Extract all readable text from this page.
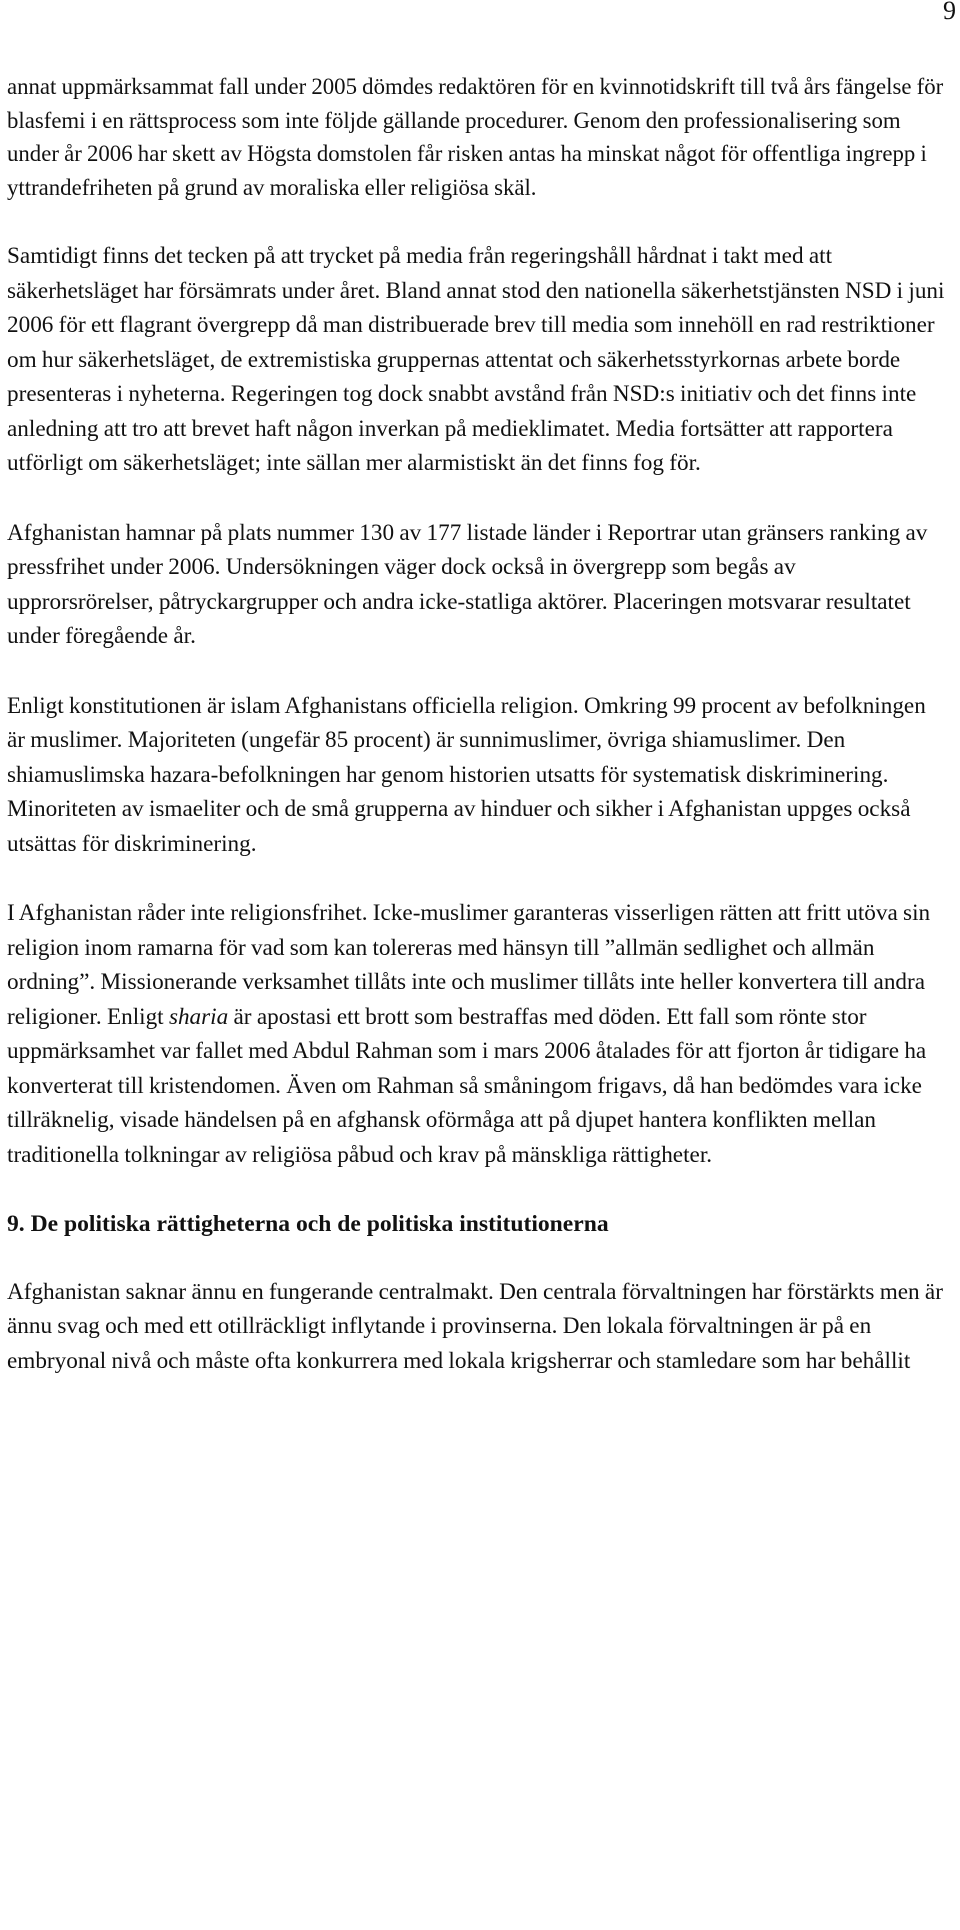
9

annat uppmärksammat fall under 2005 dömdes redaktören för en kvinnotidskrift till två års fängelse för blasfemi i en rättsprocess som inte följde gällande procedurer. Genom den professionalisering som under år 2006 har skett av Högsta domstolen får risken antas ha minskat något för offentliga ingrepp i yttrandefriheten på grund av moraliska eller religiösa skäl.

Samtidigt finns det tecken på att trycket på media från regeringshåll hårdnat i takt med att säkerhetsläget har försämrats under året. Bland annat stod den nationella säkerhetstjänsten NSD i juni 2006 för ett flagrant övergrepp då man distribuerade brev till media som innehöll en rad restriktioner om hur säkerhetsläget, de extremistiska gruppernas attentat och säkerhetsstyrkornas arbete borde presenteras i nyheterna. Regeringen tog dock snabbt avstånd från NSD:s initiativ och det finns inte anledning att tro att brevet haft någon inverkan på medieklimatet. Media fortsätter att rapportera utförligt om säkerhetsläget; inte sällan mer alarmistiskt än det finns fog för.

Afghanistan hamnar på plats nummer 130 av 177 listade länder i Reportrar utan gränsers ranking av pressfrihet under 2006. Undersökningen väger dock också in övergrepp som begås av upprorsrörelser, påtryckargrupper och andra icke-statliga aktörer. Placeringen motsvarar resultatet under föregående år.

Enligt konstitutionen är islam Afghanistans officiella religion. Omkring 99 procent av befolkningen är muslimer. Majoriteten (ungefär 85 procent) är sunnimuslimer, övriga shiamuslimer. Den shiamuslimska hazara-befolkningen har genom historien utsatts för systematisk diskriminering. Minoriteten av ismaeliter och de små grupperna av hinduer och sikher i Afghanistan uppges också utsättas för diskriminering.

I Afghanistan råder inte religionsfrihet. Icke-muslimer garanteras visserligen rätten att fritt utöva sin religion inom ramarna för vad som kan tolereras med hänsyn till ”allmän sedlighet och allmän ordning”. Missionerande verksamhet tillåts inte och muslimer tillåts inte heller konvertera till andra religioner. Enligt sharia är apostasi ett brott som bestraffas med döden. Ett fall som rönte stor uppmärksamhet var fallet med Abdul Rahman som i mars 2006 åtalades för att fjorton år tidigare ha konverterat till kristendomen. Även om Rahman så småningom frigavs, då han bedömdes vara icke tillräknelig, visade händelsen på en afghansk oförmåga att på djupet hantera konflikten mellan traditionella tolkningar av religiösa påbud och krav på mänskliga rättigheter.

9. De politiska rättigheterna och de politiska institutionerna

Afghanistan saknar ännu en fungerande centralmakt. Den centrala förvaltningen har förstärkts men är ännu svag och med ett otillräckligt inflytande i provinserna. Den lokala förvaltningen är på en embryonal nivå och måste ofta konkurrera med lokala krigsherrar och stamledare som har behållit
